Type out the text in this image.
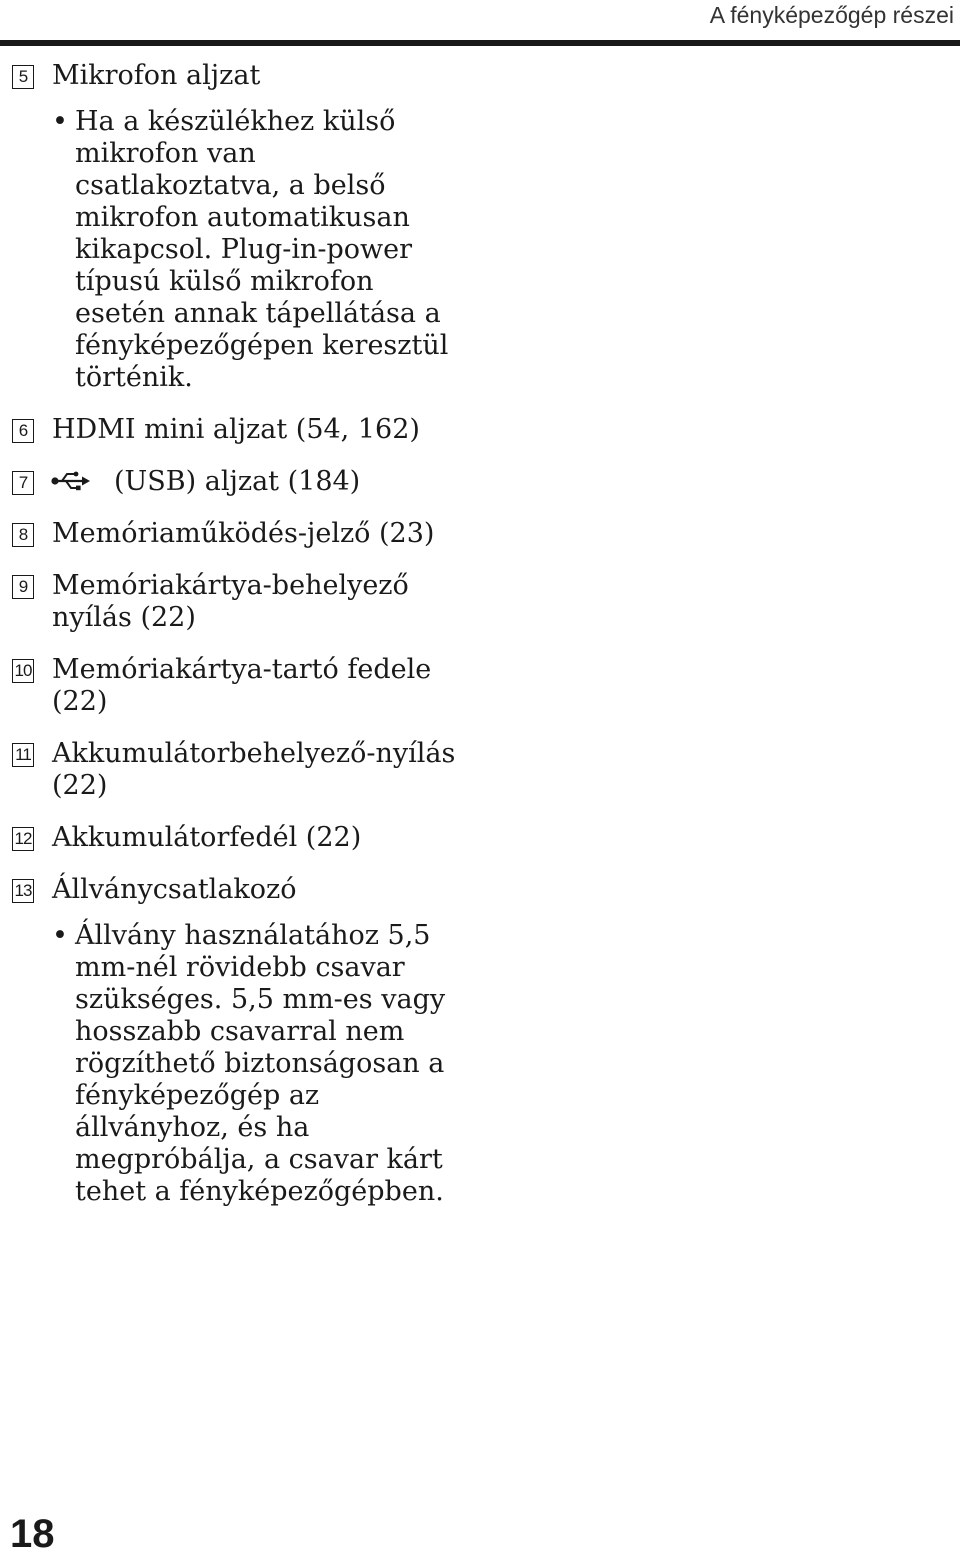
A fényképezőgép részei
5 Mikrofon aljzat
• Ha a készülékhez külső mikrofon van csatlakoztatva, a belső mikrofon automatikusan kikapcsol. Plug-in-power típusú külső mikrofon esetén annak tápellátása a fényképezőgépen keresztül történik.
6 HDMI mini aljzat (54, 162)
7	(USB) aljzat (184)
8 Memóriaműködés-jelző (23)
9 Memóriakártya-behelyező nyílás (22)
10 Memóriakártya-tartó fedele (22)
11 Akkumulátorbehelyező-nyílás (22)
12 Akkumulátorfedél (22)
13 Állványcsatlakozó
• Állvány használatához 5,5 mm-nél rövidebb csavar szükséges. 5,5 mm-es vagy hosszabb csavarral nem rögzíthető biztonságosan a fényképezőgép az állványhoz, és ha megpróbálja, a csavar kárt tehet a fényképezőgépben.
18
